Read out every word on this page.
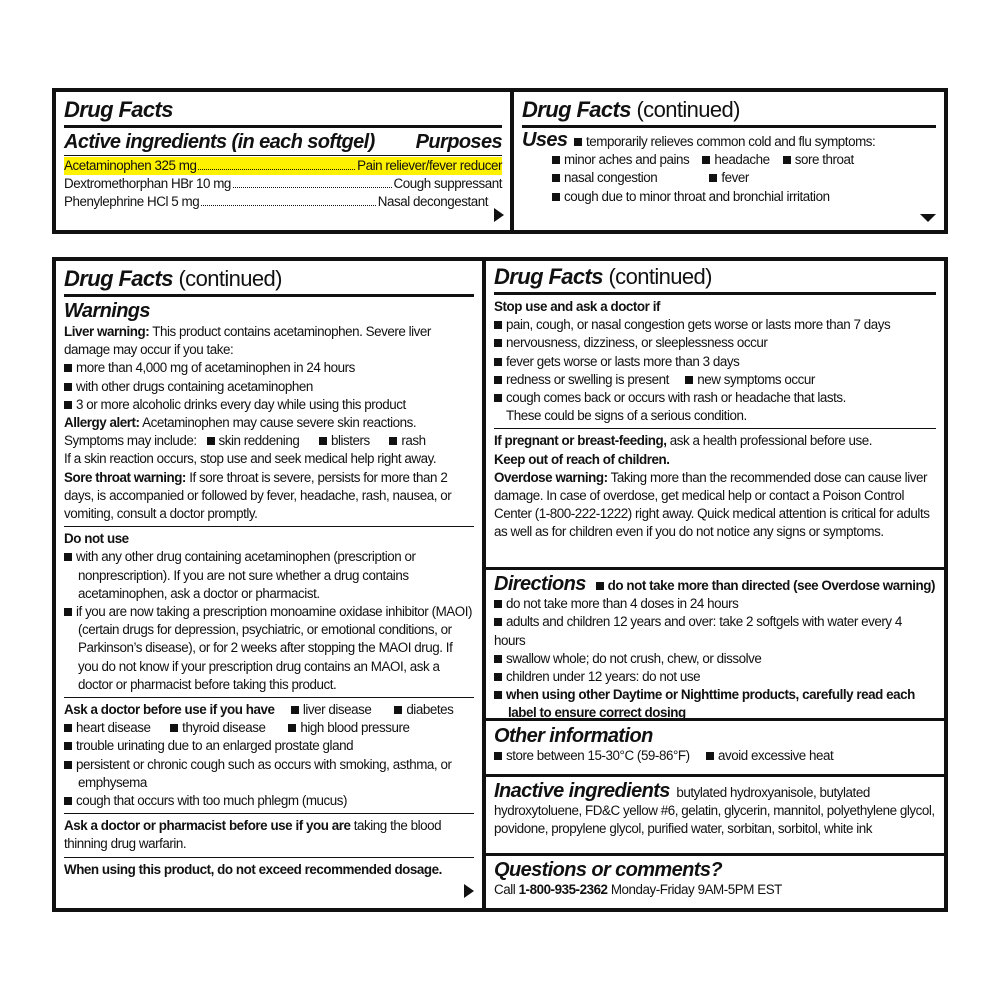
Drug Facts
Active ingredients (in each softgel) Purposes
Acetaminophen 325 mg	Pain reliever/fever reducer
Dextromethorphan HBr 10 mg	Cough suppressant
Phenylephrine HCl 5 mg	Nasal decongestant
Drug Facts (continued)
Uses temporarily relieves common cold and flu symptoms:
minor aches and pains headache sore throat
nasal congestion	fever
cough due to minor throat and bronchial irritation
Drug Facts (continued)
Warnings
Liver warning: This product contains acetaminophen. Severe liver damage may occur if you take:
more than 4,000 mg of acetaminophen in 24 hours
with other drugs containing acetaminophen
3 or more alcoholic drinks every day while using this product
Allergy alert: Acetaminophen may cause severe skin reactions. Symptoms may include: skin reddening blisters rash
If a skin reaction occurs, stop use and seek medical help right away.
Sore throat warning: If sore throat is severe, persists for more than 2 days, is accompanied or followed by fever, headache, rash, nausea, or vomiting, consult a doctor promptly.
Do not use
with any other drug containing acetaminophen (prescription or nonprescription). If you are not sure whether a drug contains acetaminophen, ask a doctor or pharmacist.
if you are now taking a prescription monoamine oxidase inhibitor (MAOI) (certain drugs for depression, psychiatric, or emotional conditions, or Parkinson’s disease), or for 2 weeks after stopping the MAOI drug. If you do not know if your prescription drug contains an MAOI, ask a doctor or pharmacist before taking this product.
Ask a doctor before use if you have liver disease	diabetes
heart disease thyroid disease	high blood pressure
trouble urinating due to an enlarged prostate gland
persistent or chronic cough such as occurs with smoking, asthma, or emphysema
cough that occurs with too much phlegm (mucus)
Ask a doctor or pharmacist before use if you are taking the blood thinning drug warfarin.
When using this product, do not exceed recommended dosage.
Drug Facts (continued)
Stop use and ask a doctor if
pain, cough, or nasal congestion gets worse or lasts more than 7 days
nervousness, dizziness, or sleeplessness occur
fever gets worse or lasts more than 3 days
redness or swelling is present new symptoms occur
cough comes back or occurs with rash or headache that lasts.
These could be signs of a serious condition.
If pregnant or breast-feeding, ask a health professional before use.
Keep out of reach of children.
Overdose warning: Taking more than the recommended dose can cause liver damage. In case of overdose, get medical help or contact a Poison Control Center (1-800-222-1222) right away. Quick medical attention is critical for adults as well as for children even if you do not notice any signs or symptoms.
Directions do not take more than directed (see Overdose warning)
do not take more than 4 doses in 24 hours
adults and children 12 years and over: take 2 softgels with water every 4 hours
swallow whole; do not crush, chew, or dissolve
children under 12 years: do not use
when using other Daytime or Nighttime products, carefully read each label to ensure correct dosing
Other information
store between 15-30°C (59-86°F) avoid excessive heat
Inactive ingredients butylated hydroxyanisole, butylated hydroxytoluene, FD&C yellow #6, gelatin, glycerin, mannitol, polyethylene glycol, povidone, propylene glycol, purified water, sorbitan, sorbitol, white ink
Questions or comments?
Call 1-800-935-2362 Monday-Friday 9AM-5PM EST
